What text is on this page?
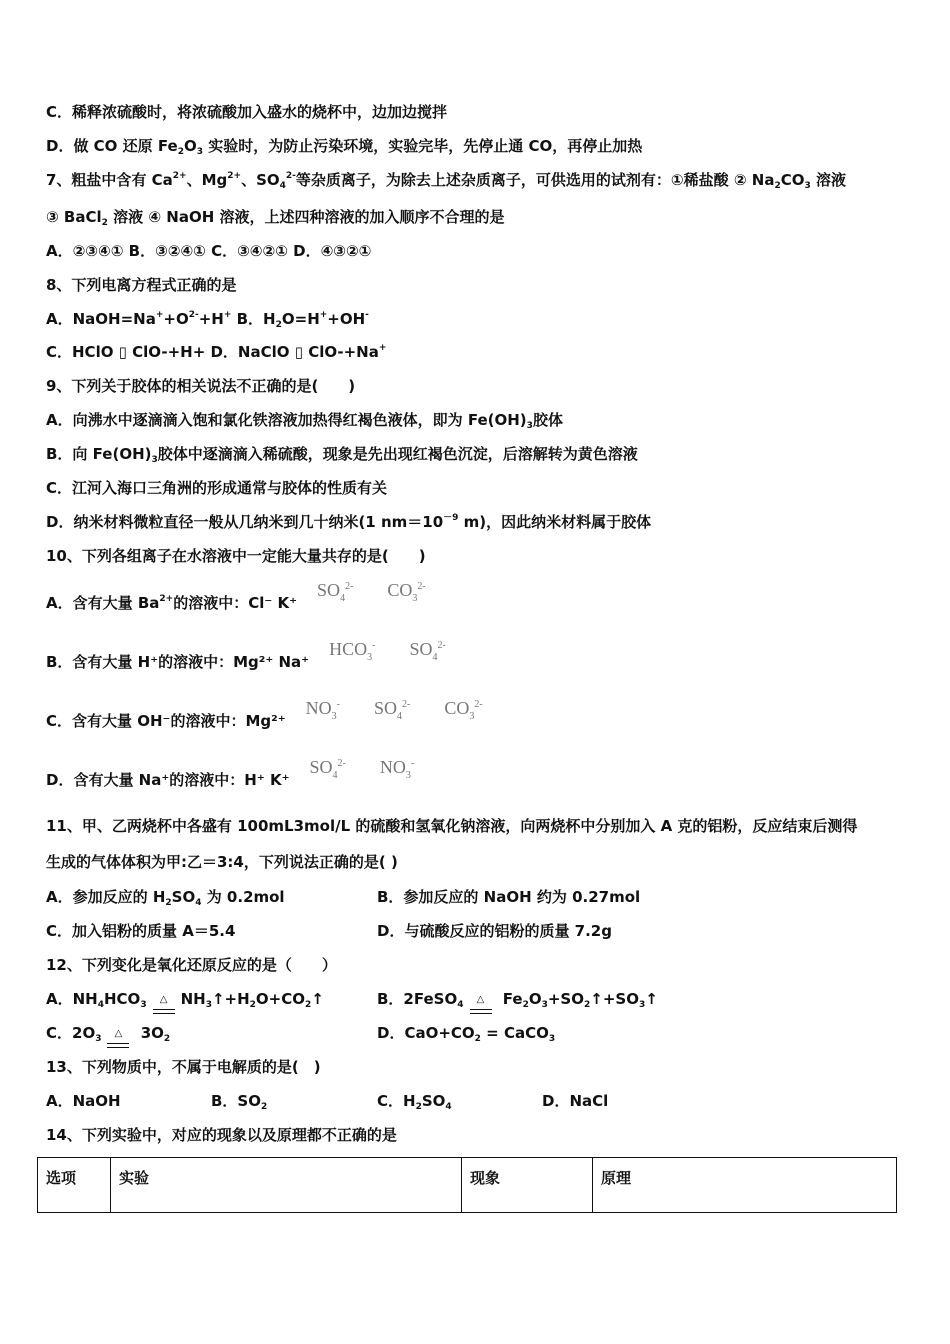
C．稀释浓硫酸时，将浓硫酸加入盛水的烧杯中，边加边搅拌
D．做 CO 还原 $Fe_2O_3$ 实验时，为防止污染环境，实验完毕，先停止通 CO，再停止加热
7、粗盐中含有 $Ca^{2+}$、$Mg^{2+}$、$SO_4^{2-}$等杂质离子，为除去上述杂质离子，可供选用的试剂有：①稀盐酸 ② $Na_2CO_3$ 溶液
③ BaCl$_2$ 溶液 ④ NaOH 溶液，上述四种溶液的加入顺序不合理的是
A．②③④① B．③②④① C．③④②① D．④③②①
8、下列电离方程式正确的是
A．$NaOH=Na^++O^{2-}+H^+$ B．$H_2O=H^++OH^-$
C．HClO ▯ ClO-+H+ D．NaClO ▯ ClO-+Na+
9、下列关于胶体的相关说法不正确的是(　　)
A．向沸水中逐滴滴入饱和氯化铁溶液加热得红褐色液体，即为 $Fe(OH)_3$胶体
B．向 $Fe(OH)_3$胶体中逐滴滴入稀硫酸，现象是先出现红褐色沉淀，后溶解转为黄色溶液
C．江河入海口三角洲的形成通常与胶体的性质有关
D．纳米材料微粒直径一般从几纳米到几十纳米(1 $nm=10^{-9}$ m)，因此纳米材料属于胶体
10、下列各组离子在水溶液中一定能大量共存的是(　　)
A．含有大量 $Ba^{2+}$的溶液中：Cl⁻ $K^+SO_4^{2-}$ $CO_3^{2-}$
B．含有大量 H⁺的溶液中：Mg²⁺ $Na^+HCO_3^-$ $SO_4^{2-}$
C．含有大量 OH⁻的溶液中：$Mg^{2+}NO_3^-$ $SO_4^{2-}$ $CO_3^{2-}$
D．含有大量 Na⁺的溶液中：H⁺ $K^+SO_4^{2-}$ $NO_3^-$
11、甲、乙两烧杯中各盛有 100mL3mol/L 的硫酸和氢氧化钠溶液，向两烧杯中分别加入 A 克的铝粉，反应结束后测得
生成的气体体积为甲:乙＝3:4，下列说法正确的是( )
A．参加反应的 $H_2SO_4$ 为 0.2mol	B．参加反应的 NaOH 约为 0.27mol
C．加入铝粉的质量 A＝5.4	D．与硫酸反应的铝粉的质量 7.2g
12、下列变化是氧化还原反应的是（　　）
A．$NH_4HCO_3$ △ $NH_3↑+H_2O+CO_2↑$	B．2FeSO$_4$ △ $Fe_2O_3+SO_2↑+SO_3↑$
C．$2O_3$ △ $3O_2$	D．$CaO+CO_2$ = CaCO$_3$
13、下列物质中，不属于电解质的是(　)
A．NaOH	B．$SO_2$	C．$H_2SO_4$	D．NaCl
14、下列实验中，对应的现象以及原理都不正确的是
选项	实验	现象	原理
